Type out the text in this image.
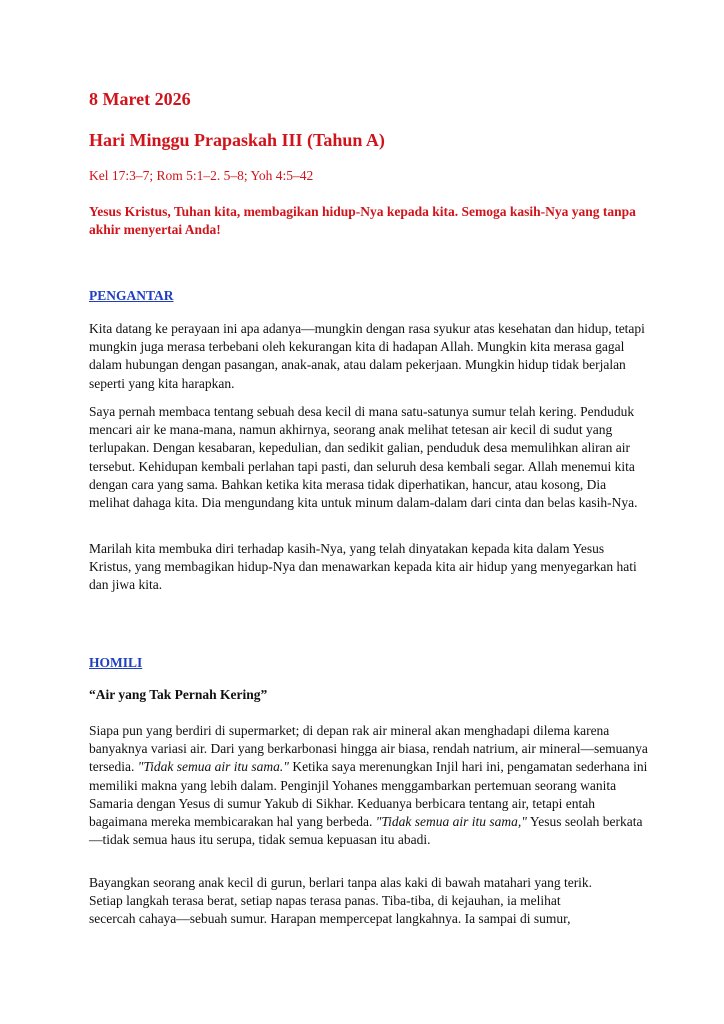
8 Maret 2026
Hari Minggu Prapaskah III (Tahun A)

Kel 17:3–7; Rom 5:1–2. 5–8; Yoh 4:5–42

Yesus Kristus, Tuhan kita, membagikan hidup-Nya kepada kita. Semoga kasih-Nya yang tanpa akhir menyertai Anda!

PENGANTAR

Kita datang ke perayaan ini apa adanya—mungkin dengan rasa syukur atas kesehatan dan hidup, tetapi mungkin juga merasa terbebani oleh kekurangan kita di hadapan Allah. Mungkin kita merasa gagal dalam hubungan dengan pasangan, anak-anak, atau dalam pekerjaan. Mungkin hidup tidak berjalan seperti yang kita harapkan.

Saya pernah membaca tentang sebuah desa kecil di mana satu-satunya sumur telah kering. Penduduk mencari air ke mana-mana, namun akhirnya, seorang anak melihat tetesan air kecil di sudut yang terlupakan. Dengan kesabaran, kepedulian, dan sedikit galian, penduduk desa memulihkan aliran air tersebut. Kehidupan kembali perlahan tapi pasti, dan seluruh desa kembali segar. Allah menemui kita dengan cara yang sama. Bahkan ketika kita merasa tidak diperhatikan, hancur, atau kosong, Dia melihat dahaga kita. Dia mengundang kita untuk minum dalam-dalam dari cinta dan belas kasih-Nya.

Marilah kita membuka diri terhadap kasih-Nya, yang telah dinyatakan kepada kita dalam Yesus Kristus, yang membagikan hidup-Nya dan menawarkan kepada kita air hidup yang menyegarkan hati dan jiwa kita.

HOMILI

“Air yang Tak Pernah Kering”

Siapa pun yang berdiri di supermarket; di depan rak air mineral akan menghadapi dilema karena banyaknya variasi air. Dari yang berkarbonasi hingga air biasa, rendah natrium, air mineral—semuanya tersedia. "Tidak semua air itu sama." Ketika saya merenungkan Injil hari ini, pengamatan sederhana ini memiliki makna yang lebih dalam. Penginjil Yohanes menggambarkan pertemuan seorang wanita Samaria dengan Yesus di sumur Yakub di Sikhar. Keduanya berbicara tentang air, tetapi entah bagaimana mereka membicarakan hal yang berbeda. "Tidak semua air itu sama," Yesus seolah berkata—tidak semua haus itu serupa, tidak semua kepuasan itu abadi.

Bayangkan seorang anak kecil di gurun, berlari tanpa alas kaki di bawah matahari yang terik.
Setiap langkah terasa berat, setiap napas terasa panas. Tiba-tiba, di kejauhan, ia melihat
secercah cahaya—sebuah sumur. Harapan mempercepat langkahnya. Ia sampai di sumur,
